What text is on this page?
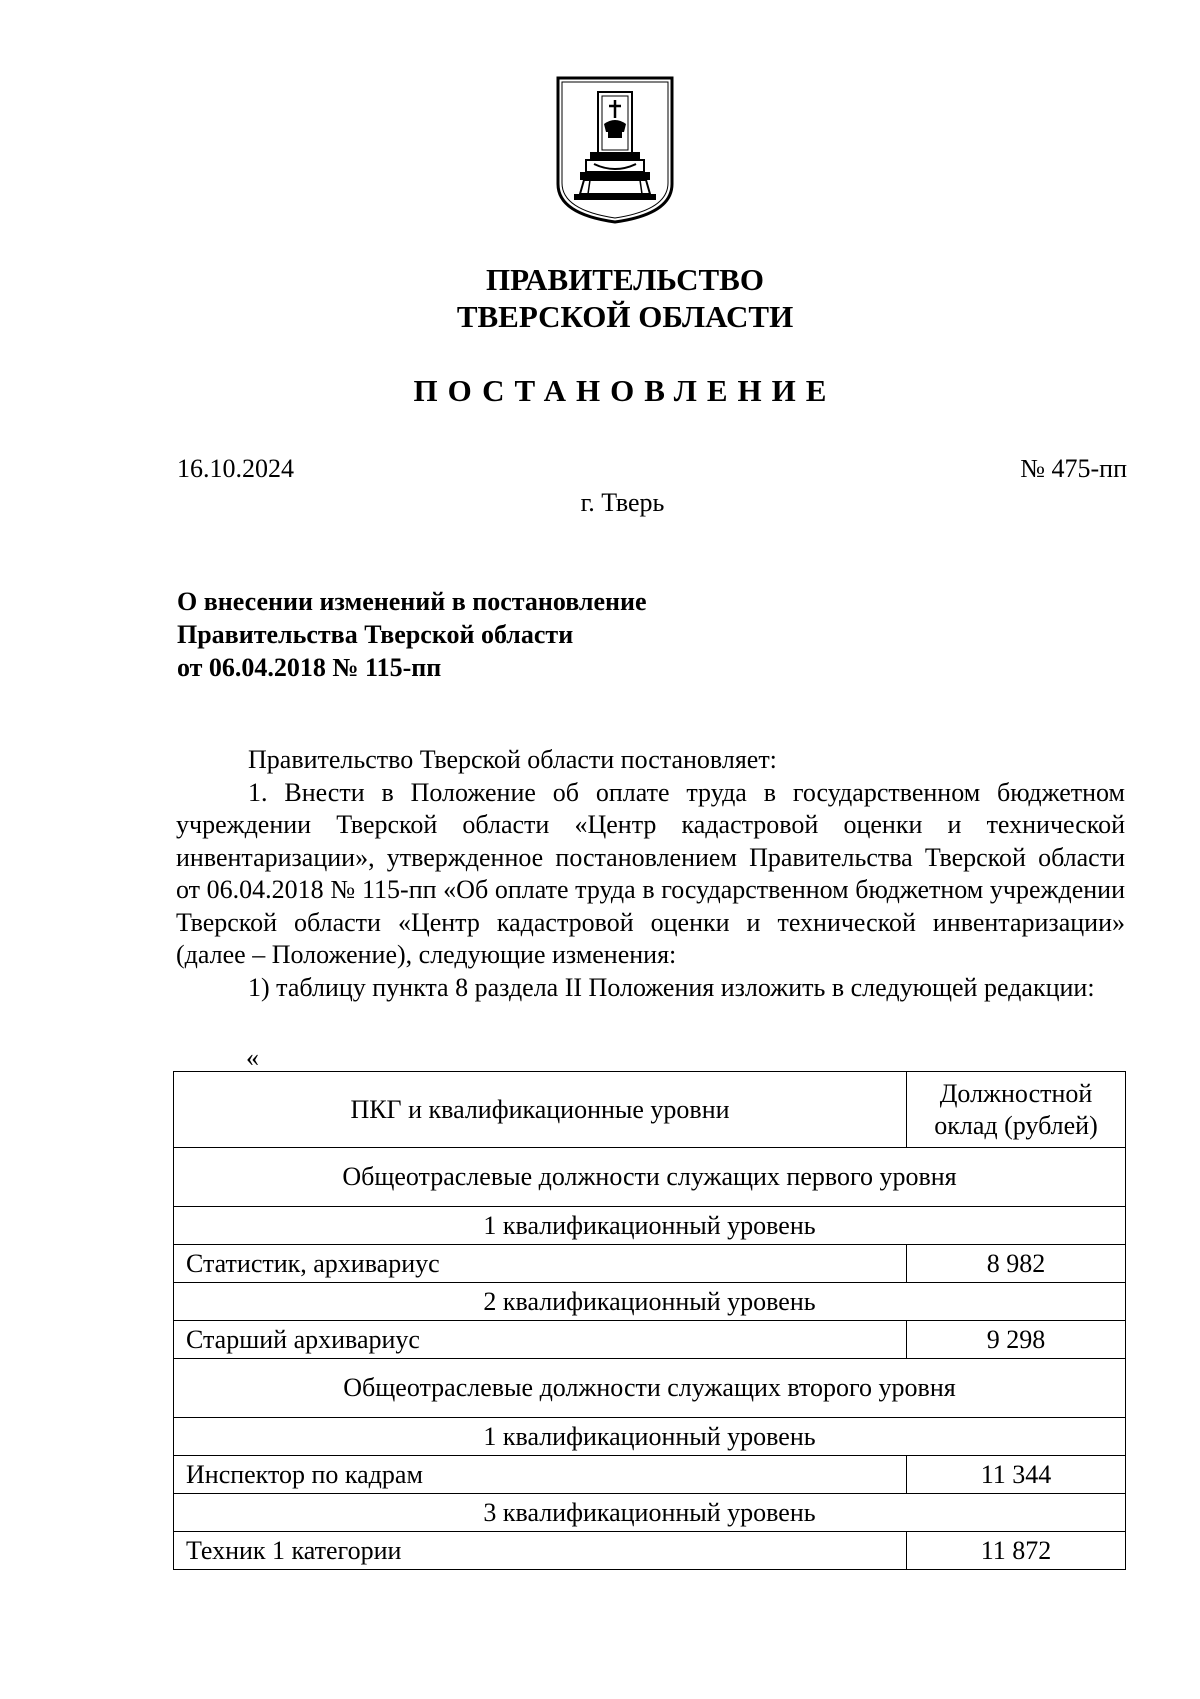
ПРАВИТЕЛЬСТВО
ТВЕРСКОЙ ОБЛАСТИ
ПОСТАНОВЛЕНИЕ
16.10.2024	№ 475-пп
г. Тверь
О внесении изменений в постановление
Правительства Тверской области
от 06.04.2018 № 115-пп

Правительство Тверской области постановляет:

1. Внести в Положение об оплате труда в государственном бюджетном учреждении Тверской области «Центр кадастровой оценки и технической инвентаризации», утвержденное постановлением Правительства Тверской области от 06.04.2018 № 115-пп «Об оплате труда в государственном бюджетном учреждении Тверской области «Центр кадастровой оценки и технической инвентаризации» (далее – Положение), следующие изменения:

1) таблицу пункта 8 раздела II Положения изложить в следующей редакции:

«
ПКГ и квалификационные уровни	Должностной
оклад (рублей)

Общеотраслевые должности служащих первого уровня	
1 квалификационный уровень	
Статистик, архивариус	8 982
2 квалификационный уровень	
Старший архивариус	9 298
Общеотраслевые должности служащих второго уровня	
1 квалификационный уровень	
Инспектор по кадрам	11 344
3 квалификационный уровень	
Техник 1 категории	11 872
